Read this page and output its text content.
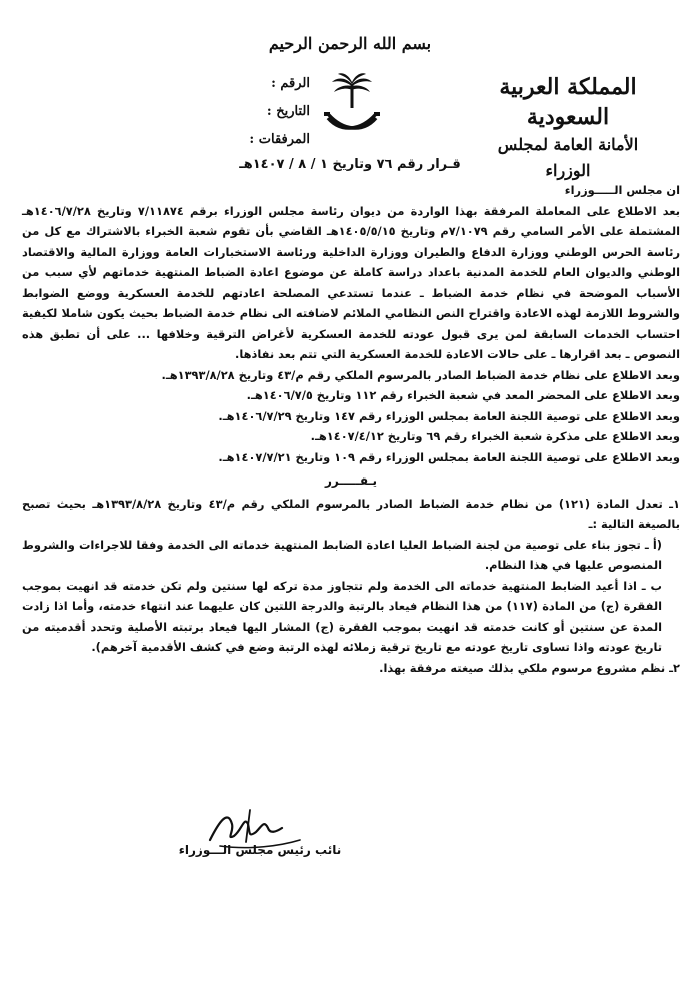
بسم الله الرحمن الرحيم
المملكة العربية السعودية
الأمانة العامة لمجلس الوزراء
الرقم :
التاريخ :
المرفقات :
قـرار رقم ٧٦ وتاريخ ١ / ٨ / ١٤٠٧هـ

ان مجلس الـــــوزراء

بعد الاطلاع على المعاملة المرفقة بهذا الواردة من ديوان رئاسة مجلس الوزراء برقم ٧/١١٨٧٤ وتاريخ ١٤٠٦/٧/٢٨هـ المشتملة على الأمر السامي رقم ٧/١٠٧٩م وتاريخ ١٤٠٥/٥/١٥هـ القاضي بأن تقوم شعبة الخبراء بالاشتراك مع كل من رئاسة الحرس الوطني ووزارة الدفاع والطيران ووزارة الداخلية ورئاسة الاستخبارات العامة ووزارة المالية والاقتصاد الوطني والديوان العام للخدمة المدنية باعداد دراسة كاملة عن موضوع اعادة الضباط المنتهية خدماتهم لأي سبب من الأسباب الموضحة في نظام خدمة الضباط ـ عندما تستدعي المصلحة اعادتهم للخدمة العسكرية ووضع الضوابط والشروط اللازمة لهذه الاعادة واقتراح النص النظامي الملائم لاضافته الى نظام خدمة الضباط بحيث يكون شاملا لكيفية احتساب الخدمات السابقة لمن يرى قبول عودته للخدمة العسكرية لأغراض الترقية وخلافها ... على أن تطبق هذه النصوص ـ بعد اقرارها ـ على حالات الاعادة للخدمة العسكرية التي تتم بعد نفاذها.

وبعد الاطلاع على نظام خدمة الضباط الصادر بالمرسوم الملكي رقم م/٤٣ وتاريخ ١٣٩٣/٨/٢٨هـ.

وبعد الاطلاع على المحضر المعد في شعبة الخبراء رقم ١١٢ وتاريخ ١٤٠٦/٧/٥هـ.

وبعد الاطلاع على توصية اللجنة العامة بمجلس الوزراء رقم ١٤٧ وتاريخ ١٤٠٦/٧/٢٩هـ.

وبعد الاطلاع على مذكرة شعبة الخبراء رقم ٦٩ وتاريخ ١٤٠٧/٤/١٢هـ.

وبعد الاطلاع على توصية اللجنة العامة بمجلس الوزراء رقم ١٠٩ وتاريخ ١٤٠٧/٧/٢١هـ.

يـقـــــرر

١ـ تعدل المادة (١٢١) من نظام خدمة الضباط الصادر بالمرسوم الملكي رقم م/٤٣ وتاريخ ١٣٩٣/٨/٢٨هـ بحيث تصبح بالصيغة التالية :ـ

(أ ـ تجوز بناء على توصية من لجنة الضباط العليا اعادة الضابط المنتهية خدماته الى الخدمة وفقا للاجراءات والشروط المنصوص عليها في هذا النظام.

ب ـ اذا أعيد الضابط المنتهية خدماته الى الخدمة ولم تتجاوز مدة تركه لها سنتين ولم تكن خدمته قد انهيت بموجب الفقرة (ج) من المادة (١١٧) من هذا النظام فيعاد بالرتبة والدرجة اللتين كان عليهما عند انتهاء خدمته، وأما اذا زادت المدة عن سنتين أو كانت خدمته قد انهيت بموجب الفقرة (ج) المشار اليها فيعاد برتبته الأصلية وتحدد أقدميته من تاريخ عودته واذا تساوى تاريخ عودته مع تاريخ ترقية زملائه لهذه الرتبة وضع في كشف الأقدمية آخرهم).

٢ـ نظم مشروع مرسوم ملكي بذلك صيغته مرفقة بهذا.

نائب رئيس مجلس الـــوزراء
